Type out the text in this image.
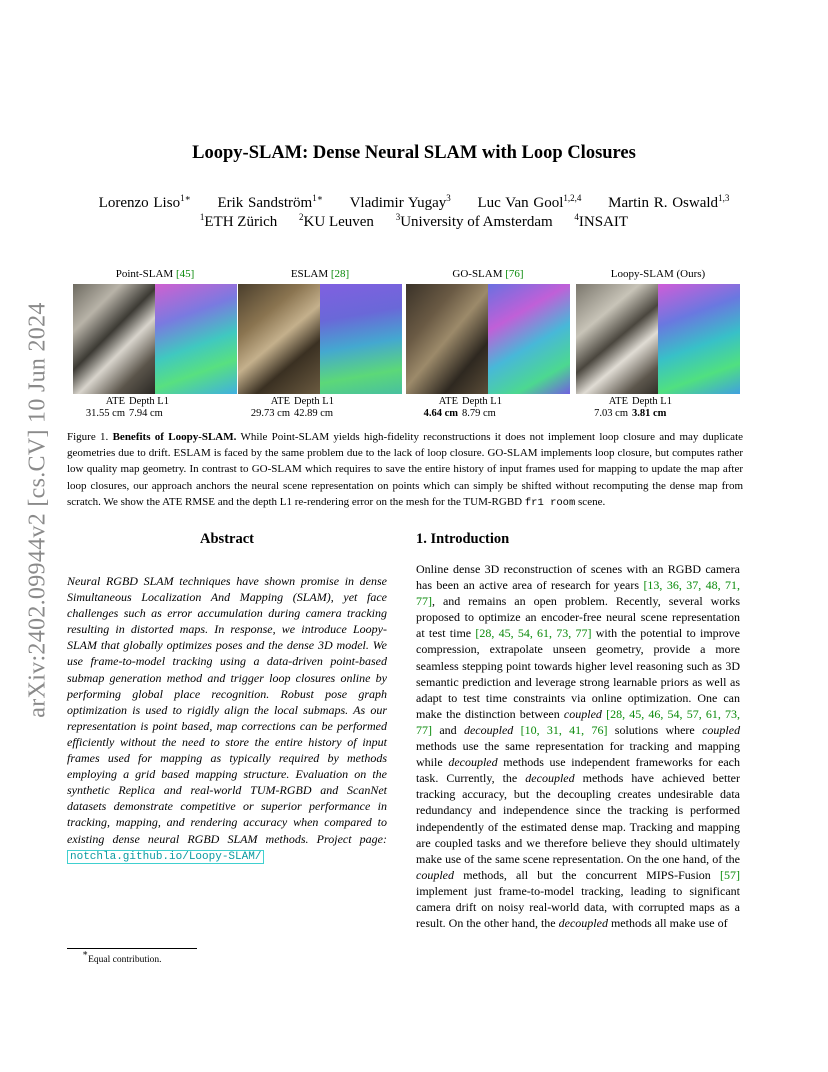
arXiv:2402.09944v2 [cs.CV] 10 Jun 2024
Loopy-SLAM: Dense Neural SLAM with Loop Closures
Lorenzo Liso$^{1∗}$ Erik Sandström$^{1∗}$ Vladimir Yugay$^3$ Luc Van Gool$^{1,2,4}$ Martin R. Oswald$^{1,3}$
$^1$ETH Zürich $^2$KU Leuven $^3$University of Amsterdam $^4$INSAIT
Point-SLAM [45]
ATE Depth L1
31.55 cm 7.94 cm
ESLAM [28]
ATE Depth L1
29.73 cm 42.89 cm
GO-SLAM [76]
ATE Depth L1
4.64 cm 8.79 cm
Loopy-SLAM (Ours)
ATE Depth L1
7.03 cm 3.81 cm
Figure 1. Benefits of Loopy-SLAM. While Point-SLAM yields high-fidelity reconstructions it does not implement loop closure and may duplicate geometries due to drift. ESLAM is faced by the same problem due to the lack of loop closure. GO-SLAM implements loop closure, but computes rather low quality map geometry. In contrast to GO-SLAM which requires to save the entire history of input frames used for mapping to update the map after loop closures, our approach anchors the neural scene representation on points which can simply be shifted without recomputing the dense map from scratch. We show the ATE RMSE and the depth L1 re-rendering error on the mesh for the TUM-RGBD fr1 room scene.
Abstract
Neural RGBD SLAM techniques have shown promise in dense Simultaneous Localization And Mapping (SLAM), yet face challenges such as error accumulation during camera tracking resulting in distorted maps. In response, we introduce Loopy-SLAM that globally optimizes poses and the dense 3D model. We use frame-to-model tracking using a data-driven point-based submap generation method and trigger loop closures online by performing global place recognition. Robust pose graph optimization is used to rigidly align the local submaps. As our representation is point based, map corrections can be performed efficiently without the need to store the entire history of input frames used for mapping as typically required by methods employing a grid based mapping structure. Evaluation on the synthetic Replica and real-world TUM-RGBD and ScanNet datasets demonstrate competitive or superior performance in tracking, mapping, and rendering accuracy when compared to existing dense neural RGBD SLAM methods. Project page: notchla.github.io/Loopy-SLAM/
1. Introduction
Online dense 3D reconstruction of scenes with an RGBD camera has been an active area of research for years [13, 36, 37, 48, 71, 77], and remains an open problem. Recently, several works proposed to optimize an encoder-free neural scene representation at test time [28, 45, 54, 61, 73, 77] with the potential to improve compression, extrapolate unseen geometry, provide a more seamless stepping point towards higher level reasoning such as 3D semantic prediction and leverage strong learnable priors as well as adapt to test time constraints via online optimization. One can make the distinction between coupled [28, 45, 46, 54, 57, 61, 73, 77] and decoupled [10, 31, 41, 76] solutions where coupled methods use the same representation for tracking and mapping while decoupled methods use independent frameworks for each task. Currently, the decoupled methods have achieved better tracking accuracy, but the decoupling creates undesirable data redundancy and independence since the tracking is performed independently of the estimated dense map. Tracking and mapping are coupled tasks and we therefore believe they should ultimately make use of the same scene representation. On the one hand, of the coupled methods, all but the concurrent MIPS-Fusion [57] implement just frame-to-model tracking, leading to significant camera drift on noisy real-world data, with corrupted maps as a result. On the other hand, the decoupled methods all make use of
∗Equal contribution.
